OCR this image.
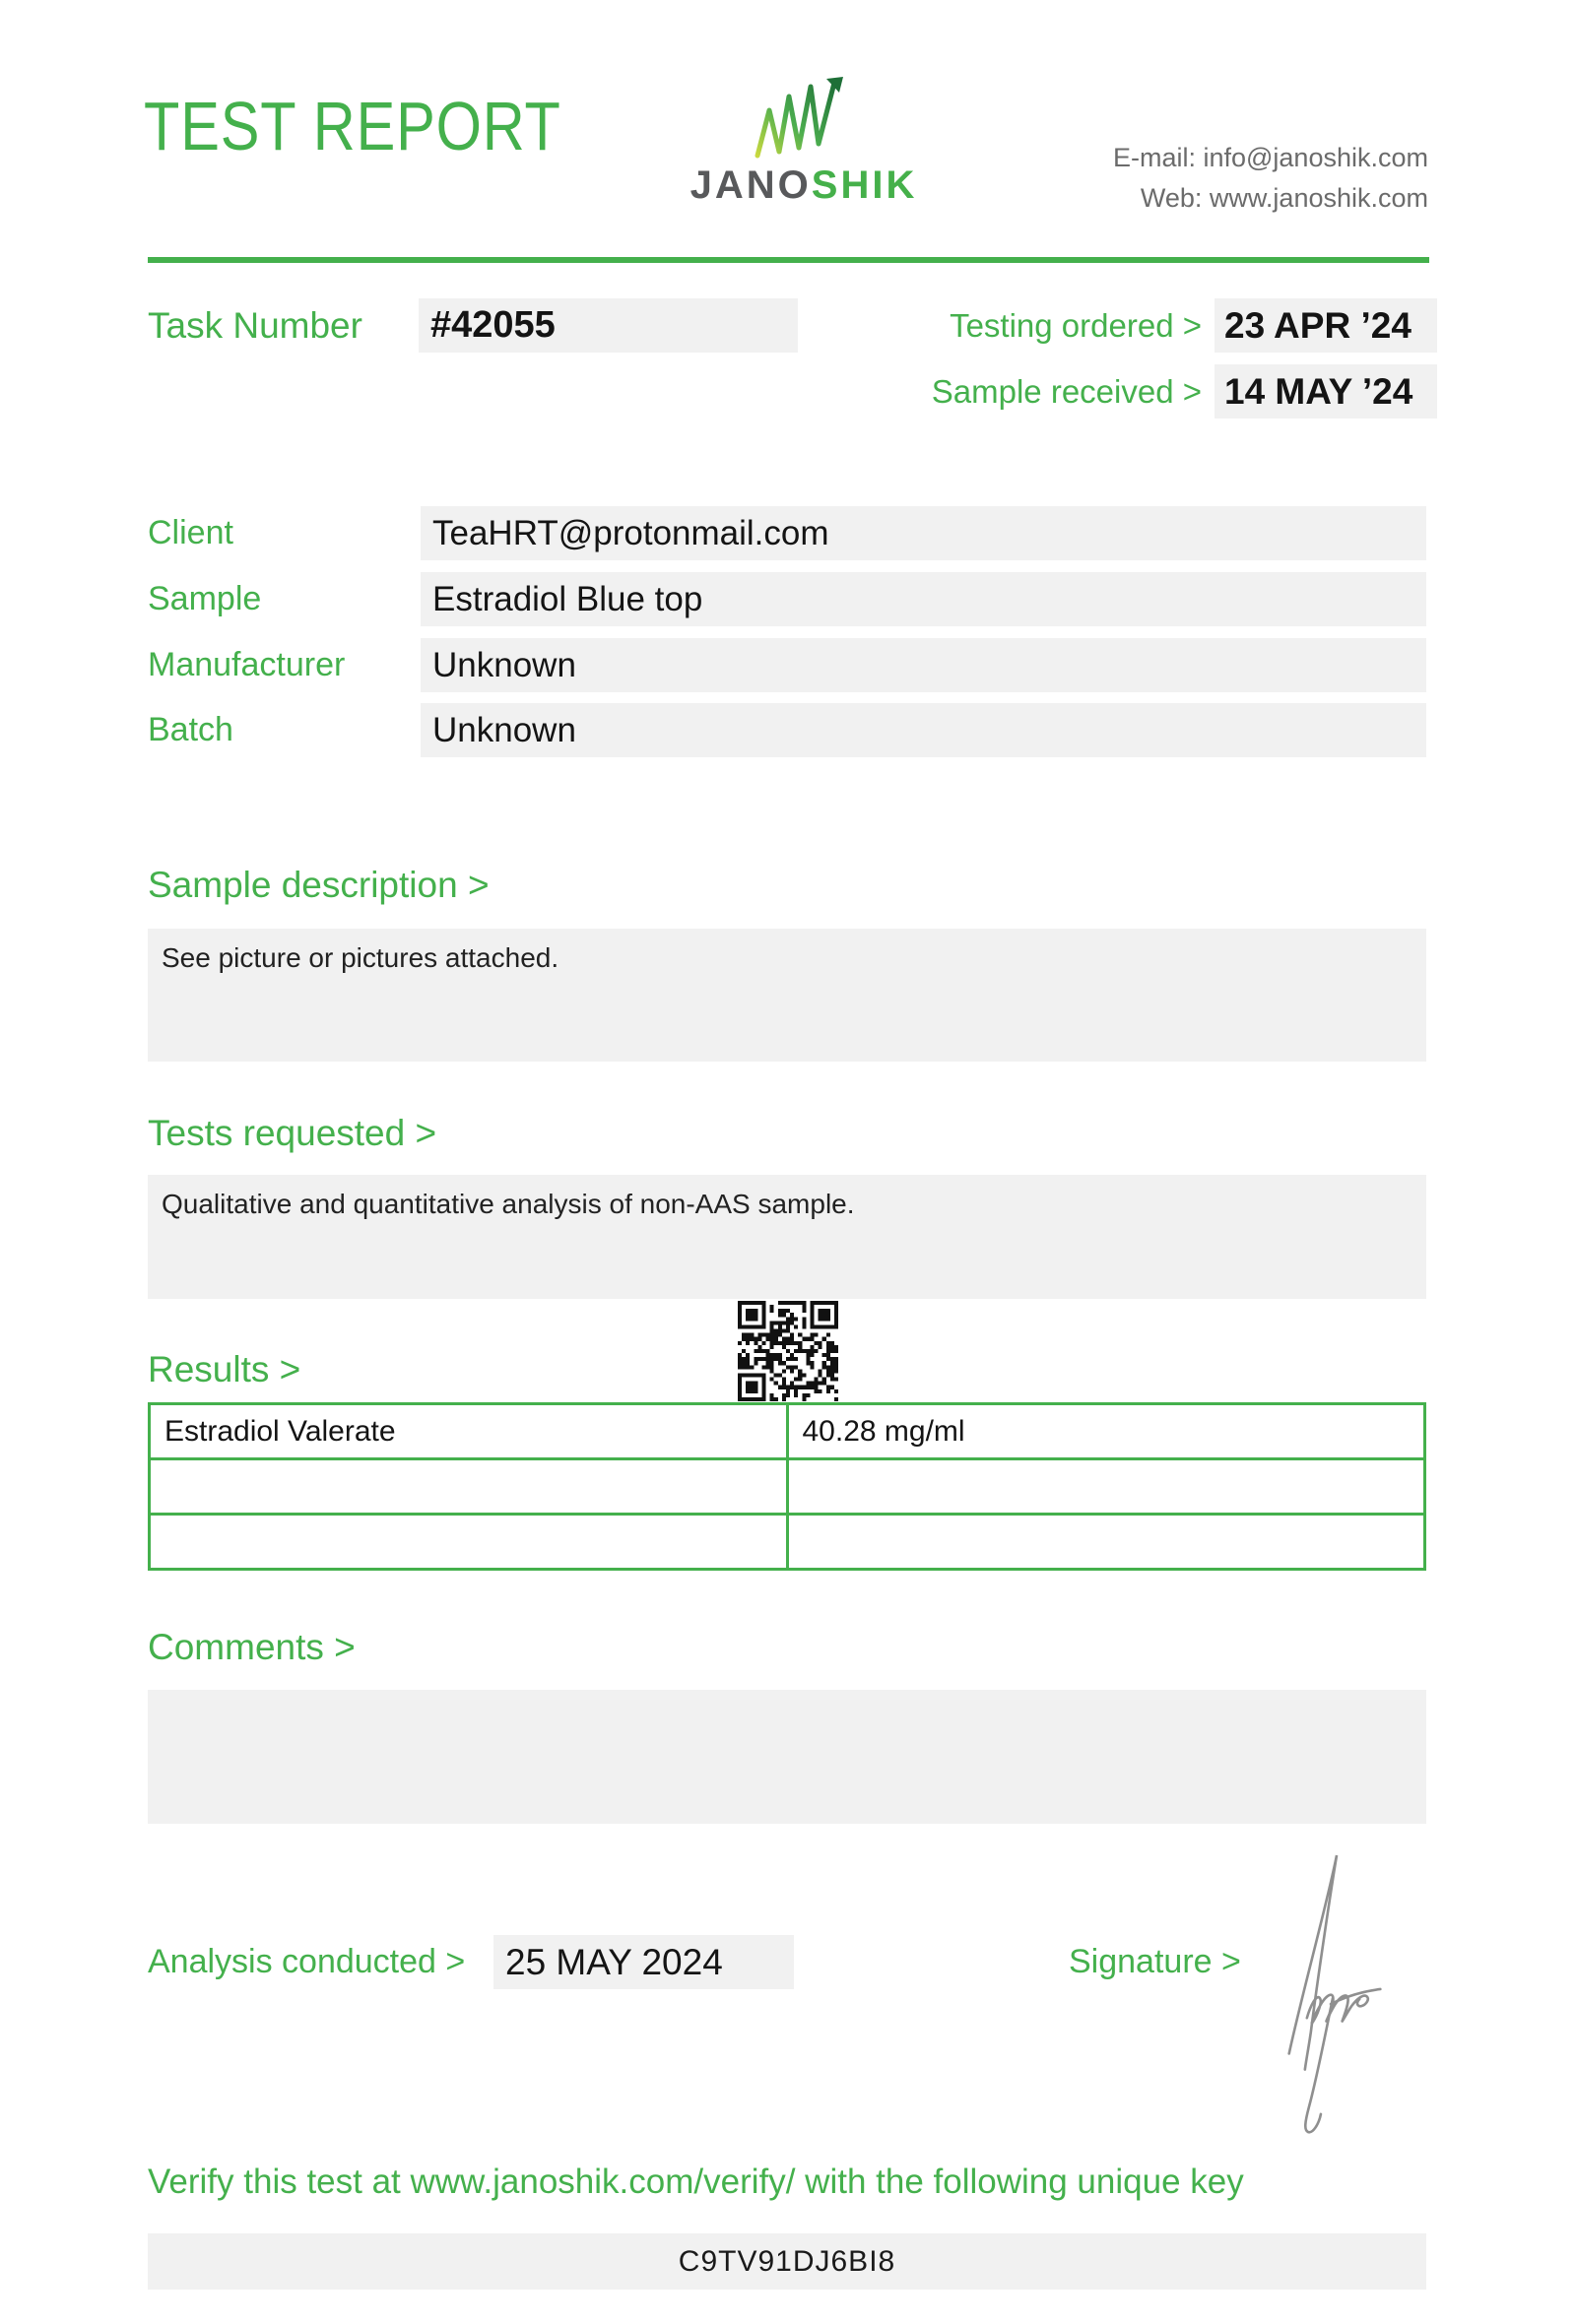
TEST REPORT
JANOSHIK
E-mail: info@janoshik.com
Web: www.janoshik.com
Task Number	#42055	Testing ordered > 23 APR ’24
Sample received > 14 MAY ’24
Client	TeaHRT@protonmail.com
Sample	Estradiol Blue top
Manufacturer	Unknown
Batch	Unknown
Sample description >
See picture or pictures attached.
Tests requested >
Qualitative and quantitative analysis of non-AAS sample.
Results >
Estradiol Valerate	40.28 mg/ml

Comments >
Analysis conducted >	25 MAY 2024	Signature >
Verify this test at www.janoshik.com/verify/ with the following unique key
C9TV91DJ6BI8
